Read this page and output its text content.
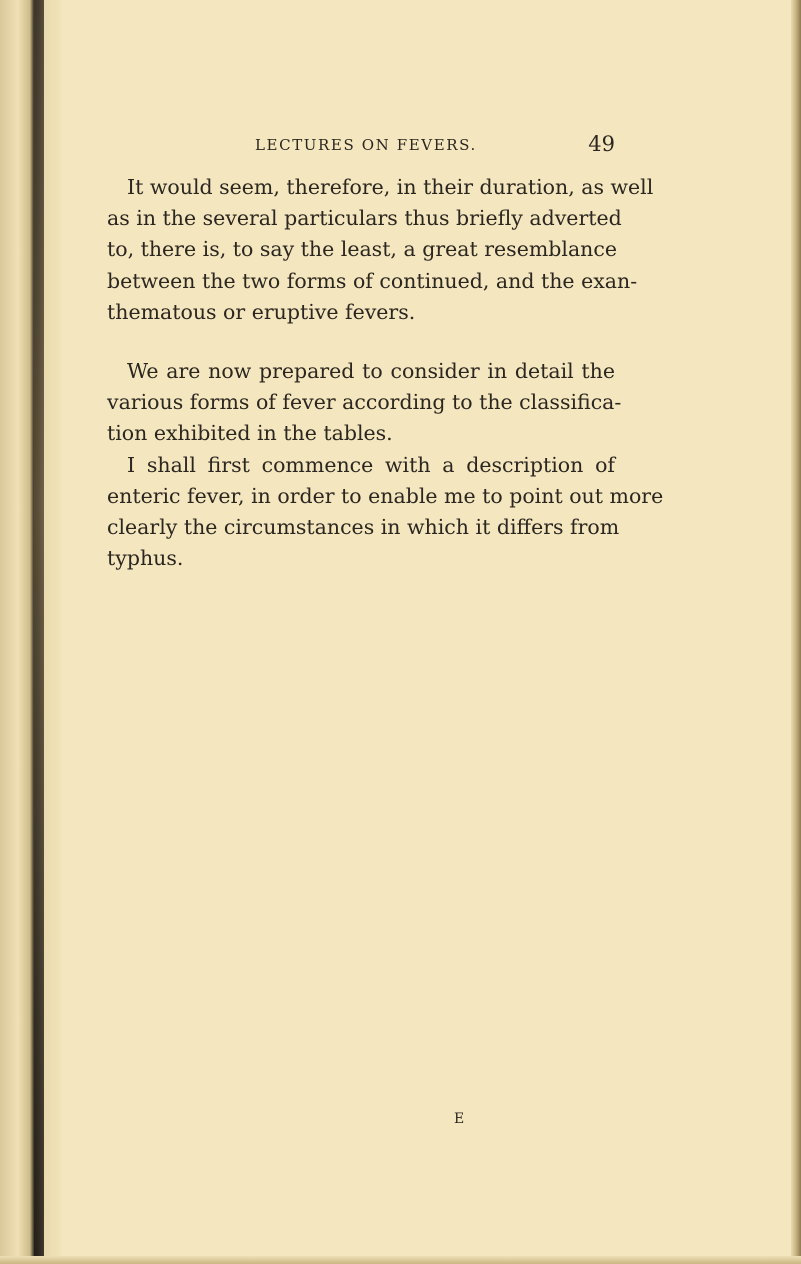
LECTURES ON FEVERS.	49
It would seem, therefore, in their duration, as well
as in the several particulars thus briefly adverted
to, there is, to say the least, a great resemblance
between the two forms of continued, and the exan-
thematous or eruptive fevers.
We are now prepared to consider in detail the
various forms of fever according to the classifica-
tion exhibited in the tables.
I shall first commence with a description of
enteric fever, in order to enable me to point out more
clearly the circumstances in which it differs from
typhus.
E
